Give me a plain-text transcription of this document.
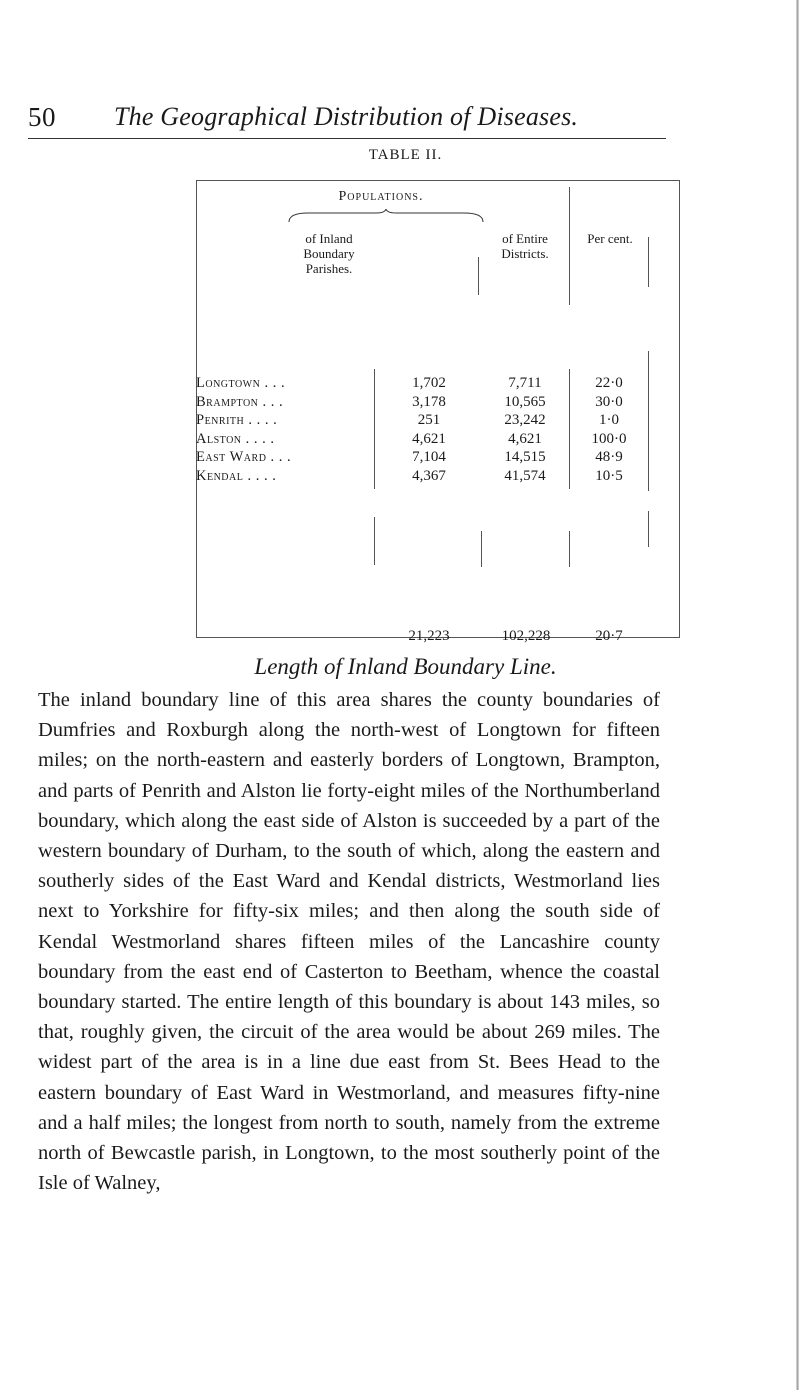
50 The Geographical Distribution of Diseases.
TABLE II.
Populations.
of Inland Boundary Parishes.
of Entire Districts.
Per cent.
Longtown . . .
Brampton . . .
Penrith . . . .
Alston . . . .
East Ward . . .
Kendal . . . .
1,702
3,178
251
4,621
7,104
4,367
7,711
10,565
23,242
4,621
14,515
41,574
22·0
30·0
1·0
100·0
48·9
10·5
21,223	102,228	20·7
Length of Inland Boundary Line.
The inland boundary line of this area shares the county boundaries of Dumfries and Roxburgh along the north-west of Longtown for fifteen miles; on the north-eastern and easterly borders of Longtown, Brampton, and parts of Penrith and Alston lie forty-eight miles of the Northumberland boundary, which along the east side of Alston is succeeded by a part of the western boundary of Durham, to the south of which, along the eastern and southerly sides of the East Ward and Kendal districts, Westmorland lies next to Yorkshire for fifty-six miles; and then along the south side of Kendal Westmorland shares fifteen miles of the Lancashire county boundary from the east end of Casterton to Beetham, whence the coastal boundary started. The entire length of this boundary is about 143 miles, so that, roughly given, the circuit of the area would be about 269 miles. The widest part of the area is in a line due east from St. Bees Head to the eastern boundary of East Ward in Westmorland, and measures fifty-nine and a half miles; the longest from north to south, namely from the extreme north of Bewcastle parish, in Longtown, to the most southerly point of the Isle of Walney,
